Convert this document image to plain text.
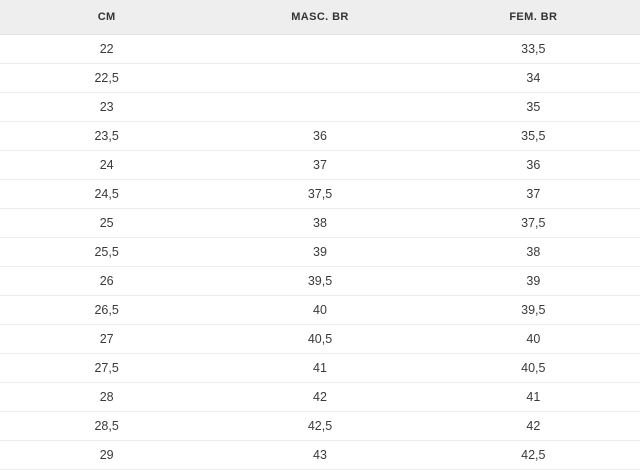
CM	MASC. BR	FEM. BR
22		33,5
22,5		34
23		35
23,5	36	35,5
24	37	36
24,5	37,5	37
25	38	37,5
25,5	39	38
26	39,5	39
26,5	40	39,5
27	40,5	40
27,5	41	40,5
28	42	41
28,5	42,5	42
29	43	42,5
